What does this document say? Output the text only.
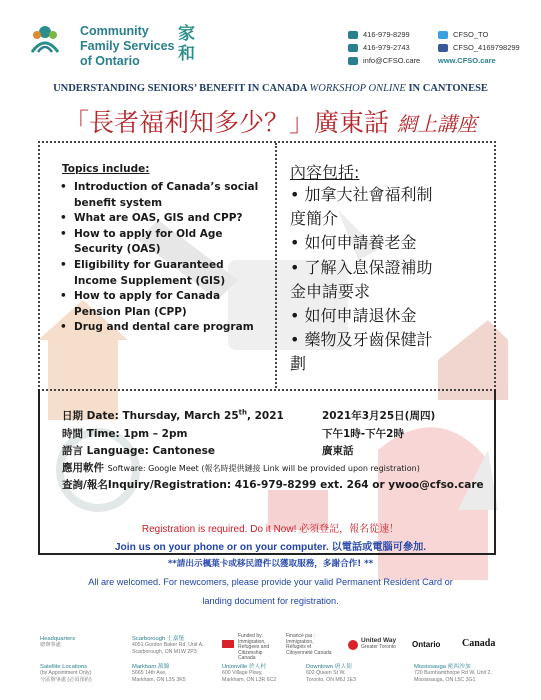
Community
Family Services
of Ontario
家
和
416-979-8299
416-979-2743
info@CFSO.care
CFSO_TO
CFSO_4169798299
www.CFSO.care
UNDERSTANDING SENIORS’ BENEFIT IN CANADA WORKSHOP ONLINE IN CANTONESE
「長者福利知多少？」廣東話 網上講座
Topics include:
• Introduction of Canada’s social benefit system
• What are OAS, GIS and CPP?
• How to apply for Old Age Security (OAS)
• Eligibility for Guaranteed Income Supplement (GIS)
• How to apply for Canada Pension Plan (CPP)
• Drug and dental care program
內容包括:
• 加拿大社會福利制
度簡介
• 如何申請養老金
• 了解入息保證補助
金申請要求
• 如何申請退休金
• 藥物及牙齒保健計
劃
日期 Date: Thursday, March 25th, 2021	2021年3月25日(周四)
時間 Time: 1pm – 2pm	下午1時-下午2時
語言 Language: Cantonese	廣東話
應用軟件 Software: Google Meet (報名時提供鏈接 Link will be provided upon registration)
查詢/報名Inquiry/Registration: 416-979-8299 ext. 264 or ywoo@cfso.care
Registration is required. Do it Now! 必須登記，報名從速！
Join us on your phone or on your computer. 以電話或電腦可參加.
**請出示楓葉卡或移民證件以獲取服務，多謝合作! **
All are welcomed. For newcomers, please provide your valid Permanent Resident Card or
landing document for registration.
Headquarters
總辦事處
Scarborough 士嘉堡
4051 Gordon Baker Rd. Unit A,
Scarborough, ON M1W 2P3
Funded by:
Immigration, Refugees and Citizenship Canada
Financé par :
Immigration, Réfugiés et Citoyenneté Canada
United Way
Greater Toronto Ontario Canada
Satellite Locations
(by Appointment Only)
分區辦事處 (必須預約)
Markham 萬錦
5665 14th Ave,
Markham, ON L3S 3K5
Unionville 於人村
600 Village Pkwy,
Markham, ON L3R 6C2
Downtown 唐人街
602 Queen St W,
Toronto, ON M6J 1E3
Mississauga 密西沙加
720 Burnhamthorpe Rd W, Unit 2,
Mississauga, ON L5C 3G1
